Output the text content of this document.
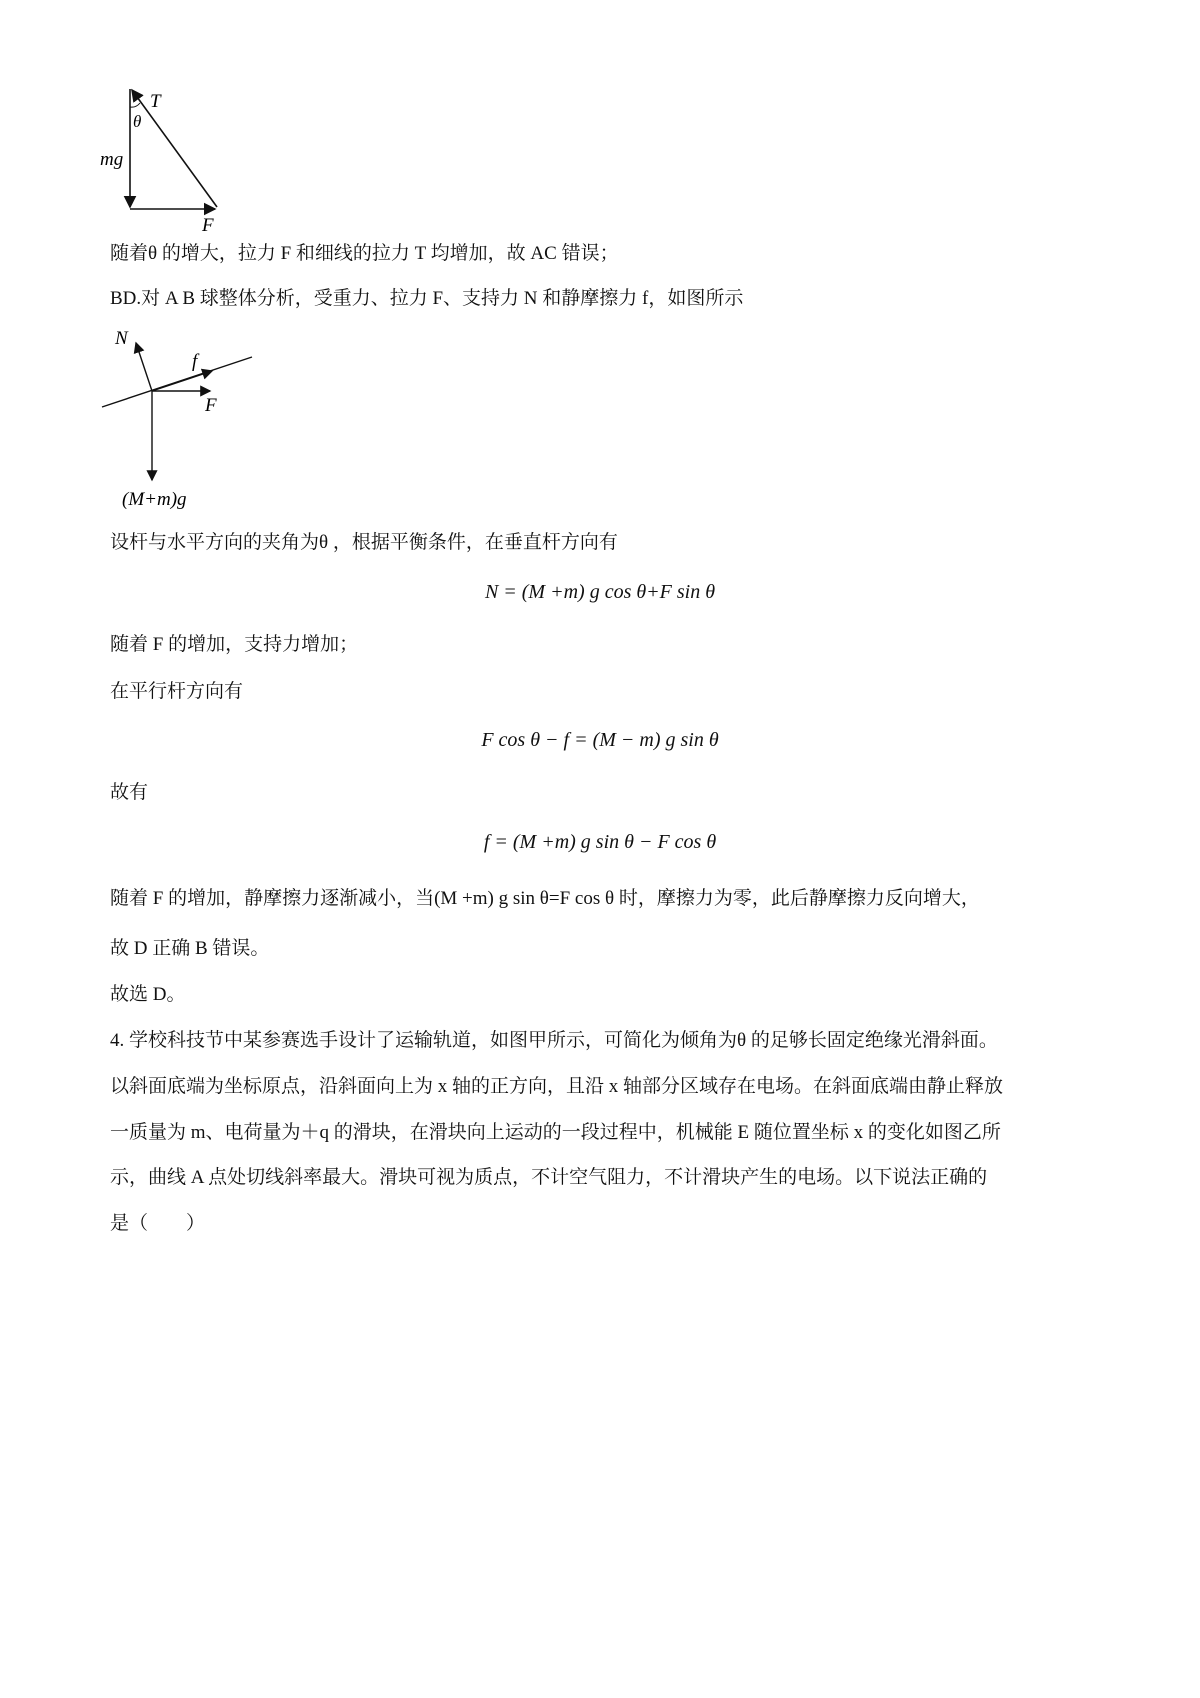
T
θ
mg
F
随着θ 的增大，拉力 F 和细线的拉力 T 均增加，故 AC 错误；
BD.对 A B 球整体分析，受重力、拉力 F、支持力 N 和静摩擦力 f，如图所示
N
f
F
(M+m)g
设杆与水平方向的夹角为θ ，根据平衡条件，在垂直杆方向有
N = (M +m) g cos θ+F sin θ
随着 F 的增加，支持力增加；
在平行杆方向有
F cos θ − f = (M − m) g sin θ
故有
f = (M +m) g sin θ − F cos θ
随着 F 的增加，静摩擦力逐渐减小，当(M +m) g sin θ=F cos θ 时，摩擦力为零，此后静摩擦力反向增大，
故 D 正确 B 错误。
故选 D。
4. 学校科技节中某参赛选手设计了运输轨道，如图甲所示，可简化为倾角为θ 的足够长固定绝缘光滑斜面。
以斜面底端为坐标原点，沿斜面向上为 x 轴的正方向，且沿 x 轴部分区域存在电场。在斜面底端由静止释放
一质量为 m、电荷量为＋q 的滑块，在滑块向上运动的一段过程中，机械能 E 随位置坐标 x 的变化如图乙所
示，曲线 A 点处切线斜率最大。滑块可视为质点，不计空气阻力，不计滑块产生的电场。以下说法正确的
是（　　）
